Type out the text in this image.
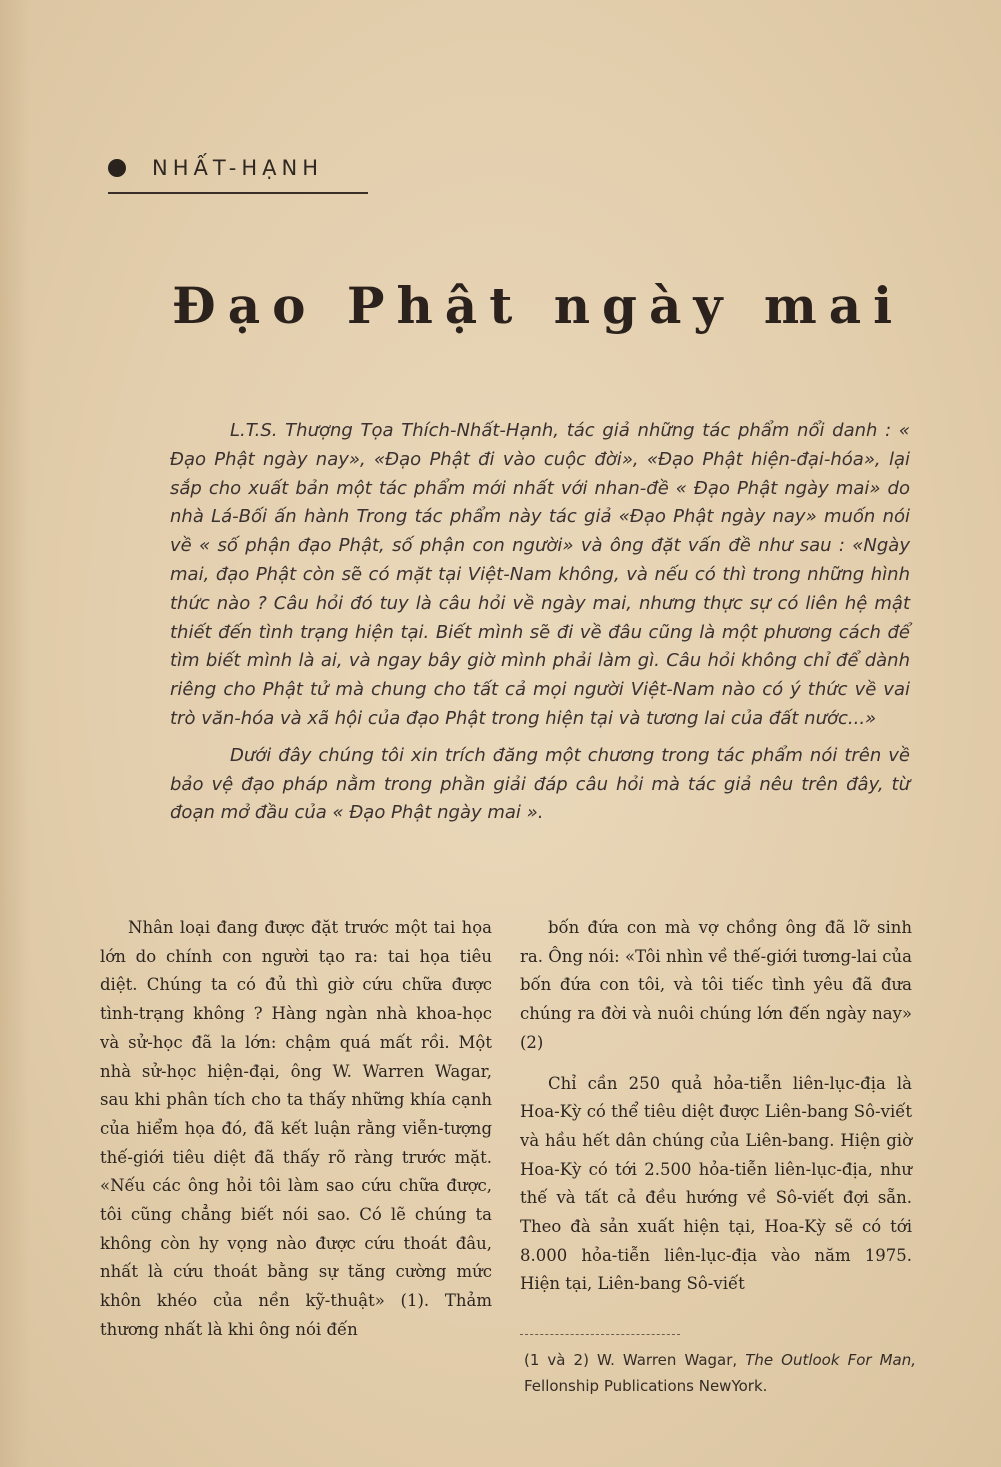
NHẤT-HẠNH
Đạo Phật ngày mai

L.T.S. Thượng Tọa Thích-Nhất-Hạnh, tác giả những tác phẩm nổi danh : « Đạo Phật ngày nay», «Đạo Phật đi vào cuộc đời», «Đạo Phật hiện-đại-hóa», lại sắp cho xuất bản một tác phẩm mới nhất với nhan-đề « Đạo Phật ngày mai» do nhà Lá-Bối ấn hành Trong tác phẩm này tác giả «Đạo Phật ngày nay» muốn nói về « số phận đạo Phật, số phận con người» và ông đặt vấn đề như sau : «Ngày mai, đạo Phật còn sẽ có mặt tại Việt-Nam không, và nếu có thì trong những hình thức nào ? Câu hỏi đó tuy là câu hỏi về ngày mai, nhưng thực sự có liên hệ mật thiết đến tình trạng hiện tại. Biết mình sẽ đi về đâu cũng là một phương cách để tìm biết mình là ai, và ngay bây giờ mình phải làm gì. Câu hỏi không chỉ để dành riêng cho Phật tử mà chung cho tất cả mọi người Việt-Nam nào có ý thức về vai trò văn-hóa và xã hội của đạo Phật trong hiện tại và tương lai của đất nước...»

Dưới đây chúng tôi xin trích đăng một chương trong tác phẩm nói trên về bảo vệ đạo pháp nằm trong phần giải đáp câu hỏi mà tác giả nêu trên đây, từ đoạn mở đầu của « Đạo Phật ngày mai ».

Nhân loại đang được đặt trước một tai họa lớn do chính con người tạo ra: tai họa tiêu diệt. Chúng ta có đủ thì giờ cứu chữa được tình-trạng không ? Hàng ngàn nhà khoa-học và sử-học đã la lớn: chậm quá mất rồi. Một nhà sử-học hiện-đại, ông W. Warren Wagar, sau khi phân tích cho ta thấy những khía cạnh của hiểm họa đó, đã kết luận rằng viễn-tượng thế-giới tiêu diệt đã thấy rõ ràng trước mặt. «Nếu các ông hỏi tôi làm sao cứu chữa được, tôi cũng chẳng biết nói sao. Có lẽ chúng ta không còn hy vọng nào được cứu thoát đâu, nhất là cứu thoát bằng sự tăng cường mức khôn khéo của nền kỹ-thuật» (1). Thảm thương nhất là khi ông nói đến

bốn đứa con mà vợ chồng ông đã lỡ sinh ra. Ông nói: «Tôi nhìn về thế-giới tương-lai của bốn đứa con tôi, và tôi tiếc tình yêu đã đưa chúng ra đời và nuôi chúng lớn đến ngày nay» (2)

Chỉ cần 250 quả hỏa-tiễn liên-lục-địa là Hoa-Kỳ có thể tiêu diệt được Liên-bang Sô-viết và hầu hết dân chúng của Liên-bang. Hiện giờ Hoa-Kỳ có tới 2.500 hỏa-tiễn liên-lục-địa, như thế và tất cả đều hướng về Sô-viết đợi sẵn. Theo đà sản xuất hiện tại, Hoa-Kỳ sẽ có tới 8.000 hỏa-tiễn liên-lục-địa vào năm 1975. Hiện tại, Liên-bang Sô-viết

(1 và 2) W. Warren Wagar, The Outlook For Man, Fellonship Publications NewYork.
